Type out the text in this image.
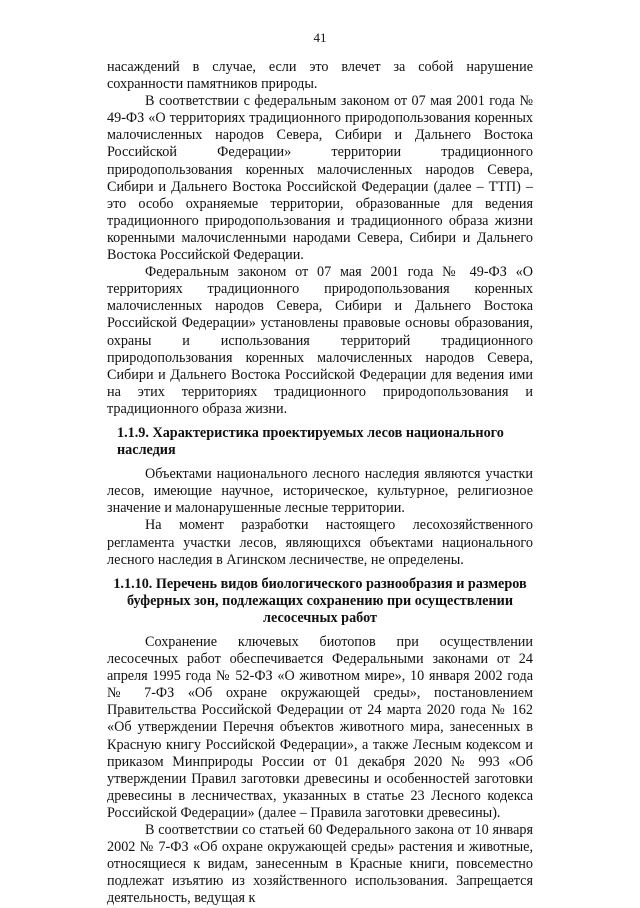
41

насаждений в случае, если это влечет за собой нарушение сохранности памятников природы.

В соответствии с федеральным законом от 07 мая 2001 года № 49-ФЗ «О территориях традиционного природопользования коренных малочисленных народов Севера, Сибири и Дальнего Востока Российской Федерации» территории традиционного природопользования коренных малочисленных народов Севера, Сибири и Дальнего Востока Российской Федерации (далее – ТТП) – это особо охраняемые территории, образованные для ведения традиционного природопользования и традиционного образа жизни коренными малочисленными народами Севера, Сибири и Дальнего Востока Российской Федерации.

Федеральным законом от 07 мая 2001 года № 49-ФЗ «О территориях традиционного природопользования коренных малочисленных народов Севера, Сибири и Дальнего Востока Российской Федерации» установлены правовые основы образования, охраны и использования территорий традиционного природопользования коренных малочисленных народов Севера, Сибири и Дальнего Востока Российской Федерации для ведения ими на этих территориях традиционного природопользования и традиционного образа жизни.

1.1.9. Характеристика проектируемых лесов национального наследия

Объектами национального лесного наследия являются участки лесов, имеющие научное, историческое, культурное, религиозное значение и малонарушенные лесные территории.

На момент разработки настоящего лесохозяйственного регламента участки лесов, являющихся объектами национального лесного наследия в Агинском лесничестве, не определены.

1.1.10. Перечень видов биологического разнообразия и размеров буферных зон, подлежащих сохранению при осуществлении лесосечных работ

Сохранение ключевых биотопов при осуществлении лесосечных работ обеспечивается Федеральными законами от 24 апреля 1995 года № 52-ФЗ «О животном мире», 10 января 2002 года № 7-ФЗ «Об охране окружающей среды», постановлением Правительства Российской Федерации от 24 марта 2020 года № 162 «Об утверждении Перечня объектов животного мира, занесенных в Красную книгу Российской Федерации», а также Лесным кодексом и приказом Минприроды России от 01 декабря 2020 № 993 «Об утверждении Правил заготовки древесины и особенностей заготовки древесины в лесничествах, указанных в статье 23 Лесного кодекса Российской Федерации» (далее – Правила заготовки древесины).

В соответствии со статьей 60 Федерального закона от 10 января 2002 № 7-ФЗ «Об охране окружающей среды» растения и животные, относящиеся к видам, занесенным в Красные книги, повсеместно подлежат изъятию из хозяйственного использования. Запрещается деятельность, ведущая к
